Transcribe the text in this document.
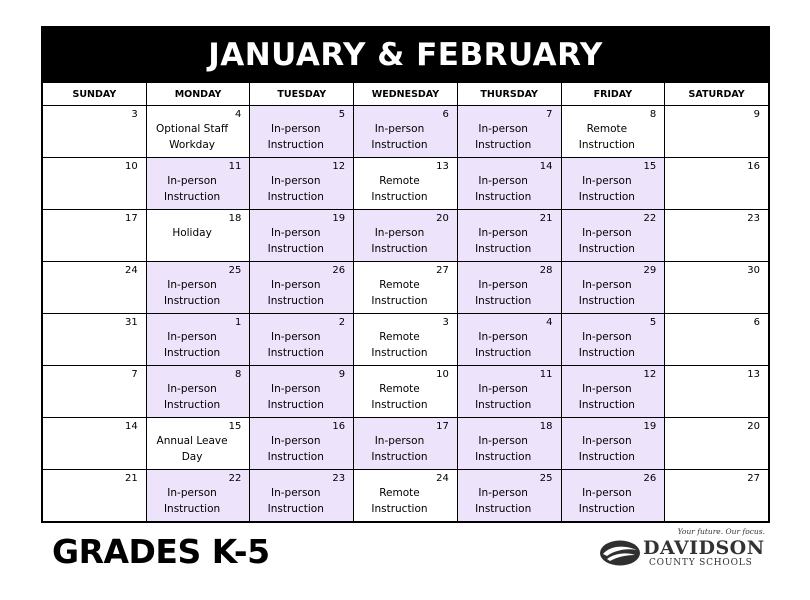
JANUARY & FEBRUARY
SUNDAY	MONDAY	TUESDAY	WEDNESDAY	THURSDAY	FRIDAY	SATURDAY

3	4
Optional Staff
Workday	5
In-person
Instruction	6
In-person
Instruction	7
In-person
Instruction	8
Remote
Instruction	9

10	11
In-person
Instruction	12
In-person
Instruction	13
Remote
Instruction	14
In-person
Instruction	15
In-person
Instruction	16

17	18
Holiday	19
In-person
Instruction	20
In-person
Instruction	21
In-person
Instruction	22
In-person
Instruction	23

24	25
In-person
Instruction	26
In-person
Instruction	27
Remote
Instruction	28
In-person
Instruction	29
In-person
Instruction	30

31	1
In-person
Instruction	2
In-person
Instruction	3
Remote
Instruction	4
In-person
Instruction	5
In-person
Instruction	6

7	8
In-person
Instruction	9
In-person
Instruction	10
Remote
Instruction	11
In-person
Instruction	12
In-person
Instruction	13

14	15
Annual Leave
Day	16
In-person
Instruction	17
In-person
Instruction	18
In-person
Instruction	19
In-person
Instruction	20

21	22
In-person
Instruction	23
In-person
Instruction	24
Remote
Instruction	25
In-person
Instruction	26
In-person
Instruction	27
GRADES K-5
Your future. Our focus.
DAVIDSON
COUNTY SCHOOLS
